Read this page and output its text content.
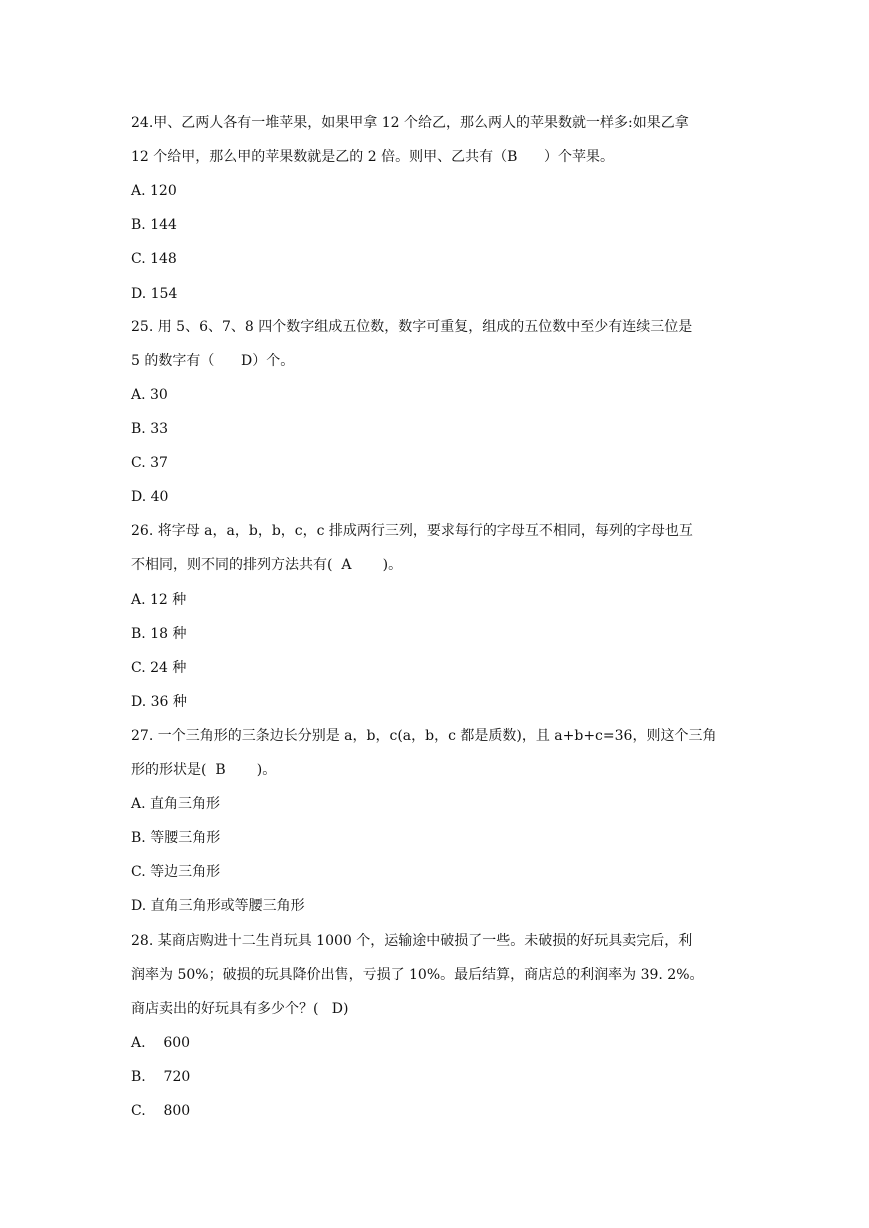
24.甲、乙两人各有一堆苹果，如果甲拿 12 个给乙，那么两人的苹果数就一样多:如果乙拿
12 个给甲，那么甲的苹果数就是乙的 2 倍。则甲、乙共有（B      ）个苹果。
A. 120
B. 144
C. 148
D. 154
25. 用 5、6、7、8 四个数字组成五位数，数字可重复，组成的五位数中至少有连续三位是
5 的数字有（      D）个。
A. 30
B. 33
C. 37
D. 40
26. 将字母 a，a，b，b，c，c 排成两行三列，要求每行的字母互不相同，每列的字母也互
不相同，则不同的排列方法共有(  A       )。
A. 12 种
B. 18 种
C. 24 种
D. 36 种
27. 一个三角形的三条边长分别是 a，b，c(a，b，c 都是质数)，且 a+b+c=36，则这个三角
形的形状是(  B       )。
A. 直角三角形
B. 等腰三角形
C. 等边三角形
D. 直角三角形或等腰三角形
28. 某商店购进十二生肖玩具 1000 个，运输途中破损了一些。未破损的好玩具卖完后，利
润率为 50%；破损的玩具降价出售，亏损了 10%。最后结算，商店总的利润率为 39. 2%。
商店卖出的好玩具有多少个？(   D)
A.    600
B.    720
C.    800
